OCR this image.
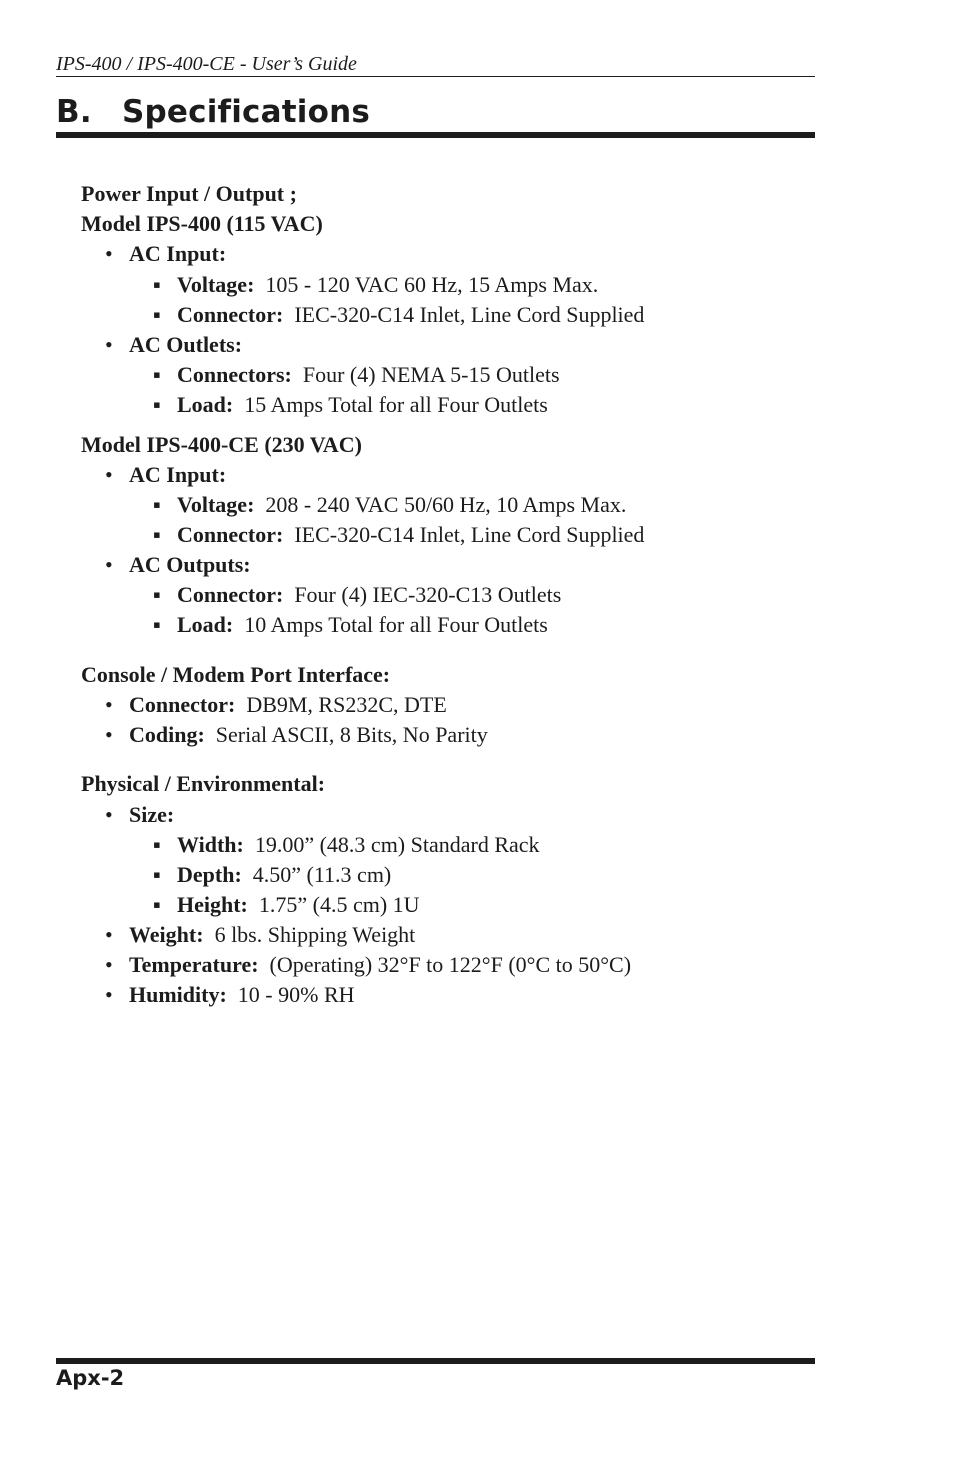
IPS-400 / IPS-400-CE - User’s Guide
B. Specifications
Power Input / Output ;
Model IPS-400 (115 VAC)
• AC Input:
▪ Voltage: 105 - 120 VAC 60 Hz, 15 Amps Max.
▪ Connector: IEC-320-C14 Inlet, Line Cord Supplied
• AC Outlets:
▪ Connectors: Four (4) NEMA 5-15 Outlets
▪ Load: 15 Amps Total for all Four Outlets
Model IPS-400-CE (230 VAC)
• AC Input:
▪ Voltage: 208 - 240 VAC 50/60 Hz, 10 Amps Max.
▪ Connector: IEC-320-C14 Inlet, Line Cord Supplied
• AC Outputs:
▪ Connector: Four (4) IEC-320-C13 Outlets
▪ Load: 10 Amps Total for all Four Outlets
Console / Modem Port Interface:
• Connector: DB9M, RS232C, DTE
• Coding: Serial ASCII, 8 Bits, No Parity
Physical / Environmental:
• Size:
▪ Width: 19.00” (48.3 cm) Standard Rack
▪ Depth: 4.50” (11.3 cm)
▪ Height: 1.75” (4.5 cm) 1U
• Weight: 6 lbs. Shipping Weight
• Temperature: (Operating) 32°F to 122°F (0°C to 50°C)
• Humidity: 10 - 90% RH
Apx-2
